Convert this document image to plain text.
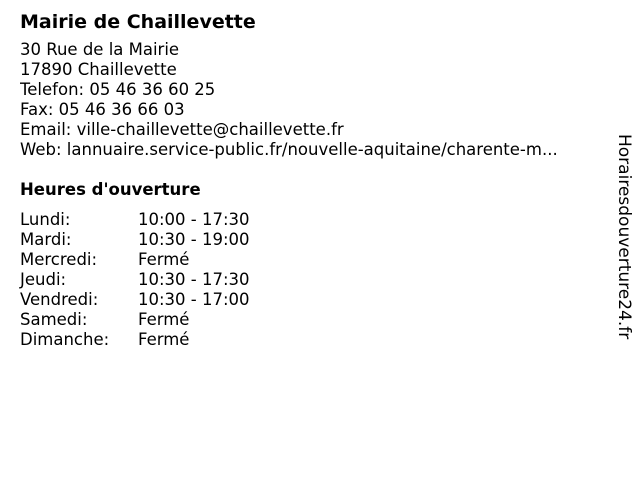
Mairie de Chaillevette
30 Rue de la Mairie
17890 Chaillevette
Telefon: 05 46 36 60 25
Fax: 05 46 36 66 03
Email: ville-chaillevette@chaillevette.fr
Web: lannuaire.service-public.fr/nouvelle-aquitaine/charente-m...
Heures d'ouverture
Lundi:	10:00 - 17:30
Mardi:	10:30 - 19:00
Mercredi:	Fermé
Jeudi:	10:30 - 17:30
Vendredi:	10:30 - 17:00
Samedi:	Fermé
Dimanche:	Fermé
Horairesdouverture24.fr
